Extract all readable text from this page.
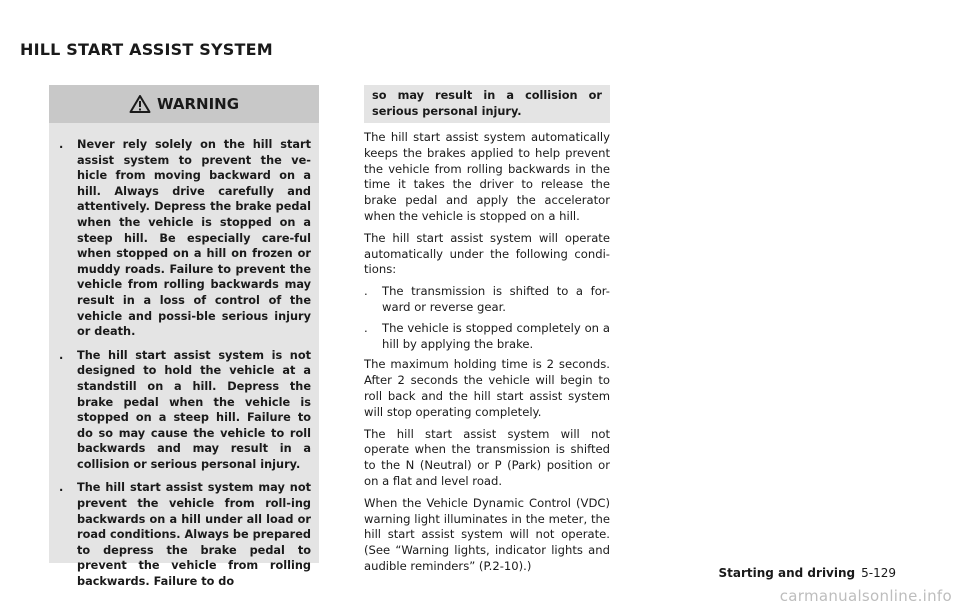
HILL START ASSIST SYSTEM
WARNING
. Never rely solely on the hill start assist system to prevent the ve-hicle from moving backward on a hill. Always drive carefully and attentively. Depress the brake pedal when the vehicle is stopped on a steep hill. Be especially care-ful when stopped on a hill on frozen or muddy roads. Failure to prevent the vehicle from rolling backwards may result in a loss of control of the vehicle and possi-ble serious injury or death.
. The hill start assist system is not designed to hold the vehicle at a standstill on a hill. Depress the brake pedal when the vehicle is stopped on a steep hill. Failure to do so may cause the vehicle to roll backwards and may result in a collision or serious personal injury.
. The hill start assist system may not prevent the vehicle from roll-ing backwards on a hill under all load or road conditions. Always be prepared to depress the brake pedal to prevent the vehicle from rolling backwards. Failure to do
so may result in a collision or serious personal injury.

The hill start assist system automatically keeps the brakes applied to help prevent the vehicle from rolling backwards in the time it takes the driver to release the brake pedal and apply the accelerator when the vehicle is stopped on a hill.

The hill start assist system will operate automatically under the following condi-tions:

. The transmission is shifted to a for-ward or reverse gear.
. The vehicle is stopped completely on a hill by applying the brake.

The maximum holding time is 2 seconds. After 2 seconds the vehicle will begin to roll back and the hill start assist system will stop operating completely.

The hill start assist system will not operate when the transmission is shifted to the N (Neutral) or P (Park) position or on a flat and level road.

When the Vehicle Dynamic Control (VDC) warning light illuminates in the meter, the hill start assist system will not operate. (See “Warning lights, indicator lights and audible reminders” (P.2-10).)

Starting and driving 5-129
carmanualsonline.info
